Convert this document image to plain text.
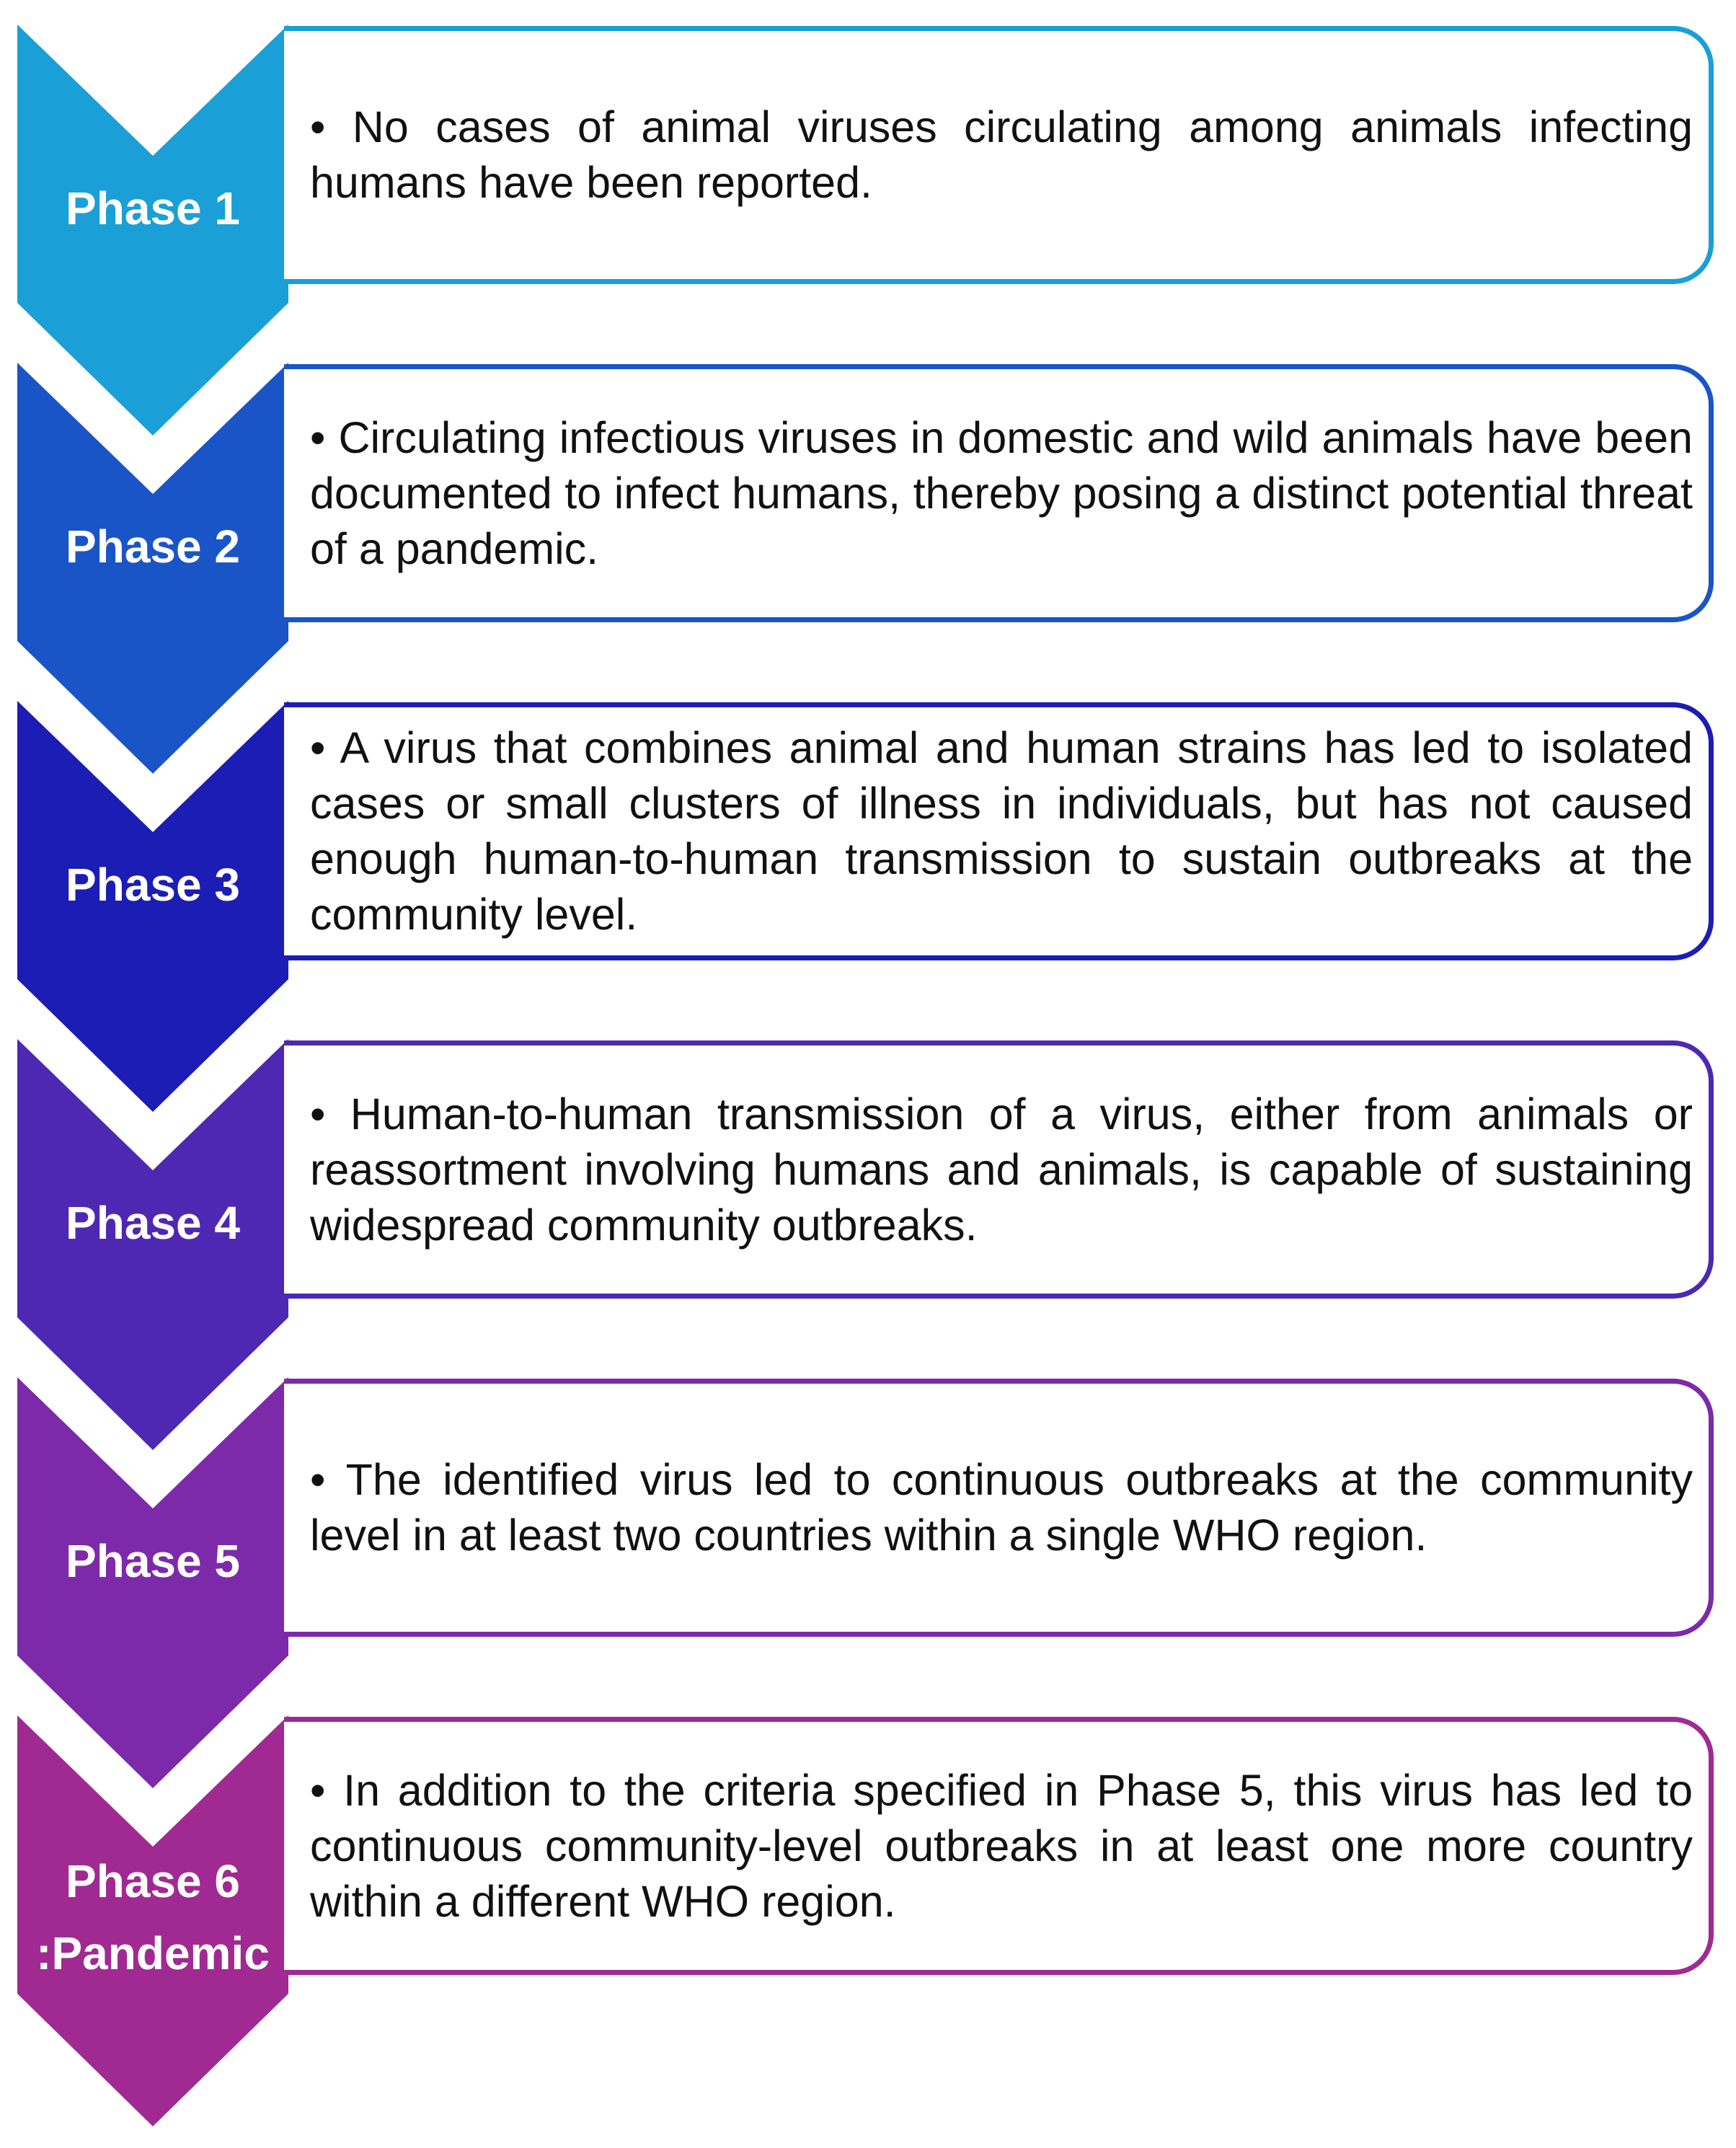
• No cases of animal viruses circulating among animals infecting humans have been reported.
Phase 1
• Circulating infectious viruses in domestic and wild animals have been documented to infect humans, thereby posing a distinct potential threat of a pandemic.
Phase 2
• A virus that combines animal and human strains has led to isolated cases or small clusters of illness in individuals, but has not caused enough human-to-human transmission to sustain outbreaks at the community level.
Phase 3
• Human-to-human transmission of a virus, either from animals or reassortment involving humans and animals, is capable of sustaining widespread community outbreaks.
Phase 4
• The identified virus led to continuous outbreaks at the community level in at least two countries within a single WHO region.
Phase 5
• In addition to the criteria specified in Phase 5, this virus has led to continuous community-level outbreaks in at least one more country within a different WHO region.
Phase 6
:Pandemic
